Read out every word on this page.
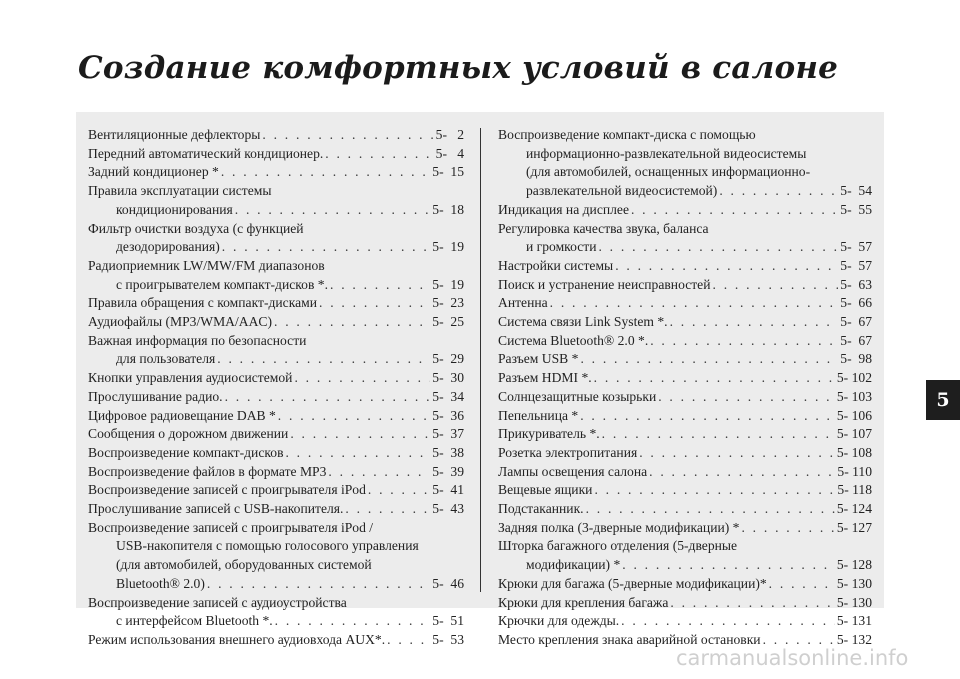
Создание комфортных условий в салоне
Вентиляционные дефлекторы . . .	5-   2
Передний автоматический кондиционер. . . .	5-   4
Задний кондиционер * . . .	5-  15
Правила эксплуатации системы
кондиционирования . . .	5-  18
Фильтр очистки воздуха (с функцией
дезодорирования) . . .	5-  19
Радиоприемник LW/MW/FM диапазонов
с проигрывателем компакт-дисков *. . . .	5-  19
Правила обращения с компакт-дисками . . .	5-  23
Аудиофайлы (MP3/WMA/AAC) . . .	5-  25
Важная информация по безопасности
для пользователя . . .	5-  29
Кнопки управления аудиосистемой . . .	5-  30
Прослушивание радио. . . .	5-  34
Цифровое радиовещание DAB * . . .	5-  36
Сообщения о дорожном движении . . .	5-  37
Воспроизведение компакт-дисков . . .	5-  38
Воспроизведение файлов в формате MP3 . . .	5-  39
Воспроизведение записей с проигрывателя iPod . . .	5-  41
Прослушивание записей с USB-накопителя. . . .	5-  43
Воспроизведение записей с проигрывателя iPod /
USB-накопителя с помощью голосового управления
(для автомобилей, оборудованных системой
Bluetooth® 2.0) . . .	5-  46
Воспроизведение записей с аудиоустройства
с интерфейсом Bluetooth *. . . .	5-  51
Режим использования внешнего аудиовхода AUX*. . . .	5-  53
Воспроизведение компакт-диска с помощью
информационно-развлекательной видеосистемы
(для автомобилей, оснащенных информационно-
развлекательной видеосистемой) . . .	5-  54
Индикация на дисплее . . .	5-  55
Регулировка качества звука, баланса
и громкости . . .	5-  57
Настройки системы . . .	5-  57
Поиск и устранение неисправностей . . .	5-  63
Антенна . . .	5-  66
Система связи Link System *. . . .	5-  67
Система Bluetooth® 2.0 *. . . .	5-  67
Разъем USB * . . .	5-  98
Разъем HDMI *. . . .	5- 102
Солнцезащитные козырьки . . .	5- 103
Пепельница * . . .	5- 106
Прикуриватель *. . . .	5- 107
Розетка электропитания . . .	5- 108
Лампы освещения салона . . .	5- 110
Вещевые ящики . . .	5- 118
Подстаканник. . . .	5- 124
Задняя полка (3-дверные модификации) * . . .	5- 127
Шторка багажного отделения (5-дверные
модификации) * . . .	5- 128
Крюки для багажа (5-дверные модификации)* . . .	5- 130
Крюки для крепления багажа . . .	5- 130
Крючки для одежды. . . .	5- 131
Место крепления знака аварийной остановки . . .	5- 132
5
carmanualsonline.info
